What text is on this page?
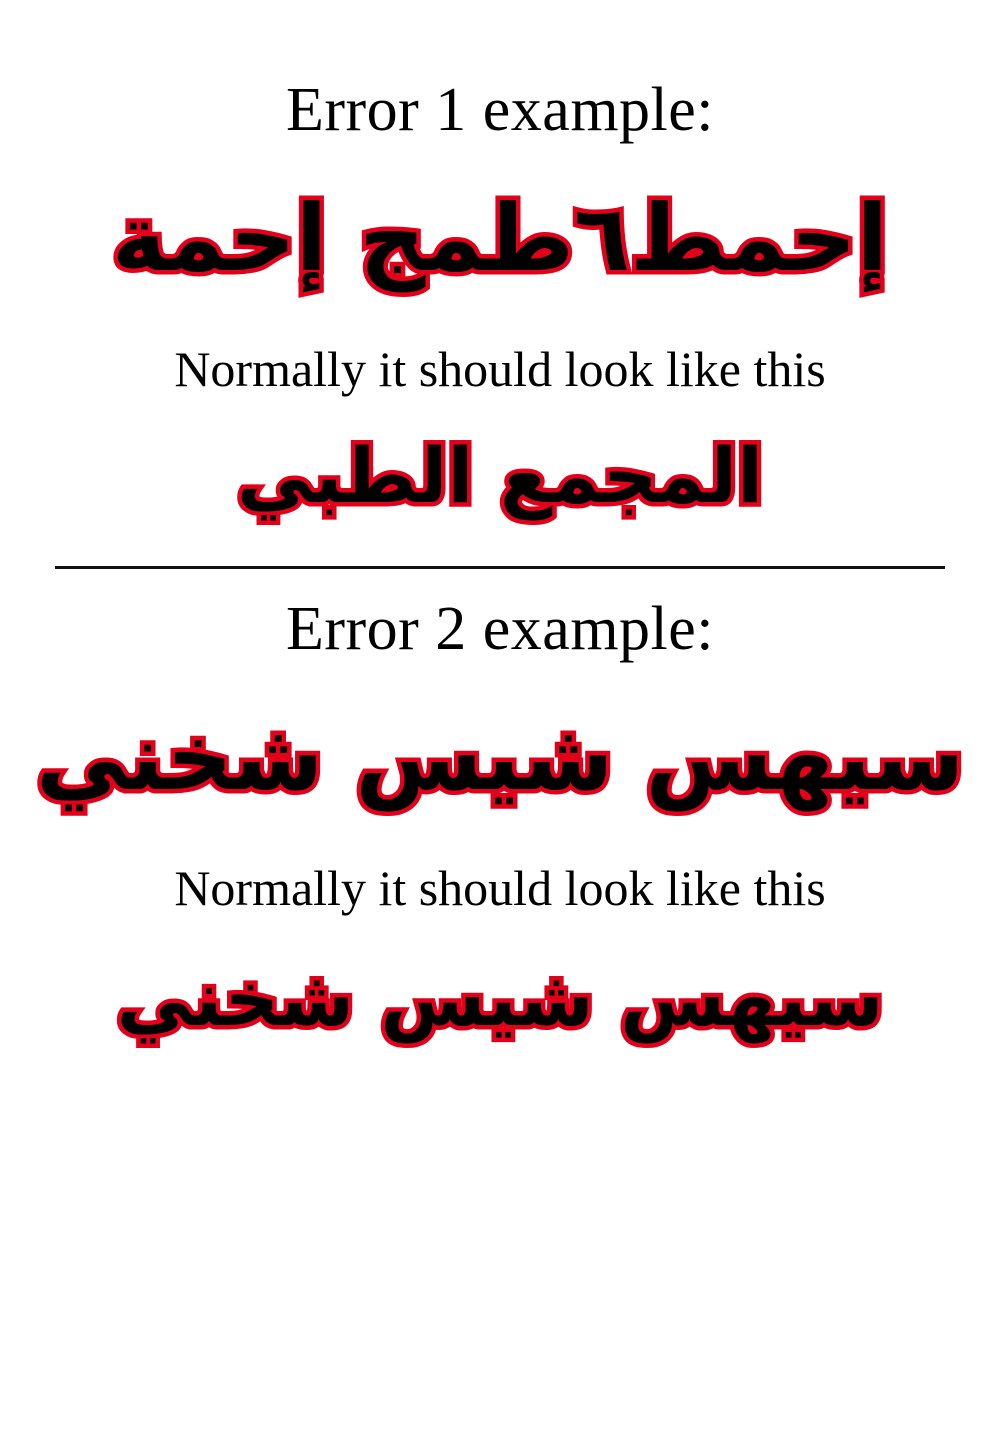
Error 1 example:
إحمط٦طمج إحمة
Normally it should look like this
المجمع الطبي
Error 2 example:
سيهس شيس شخني
Normally it should look like this
سيهس شيس شخني
